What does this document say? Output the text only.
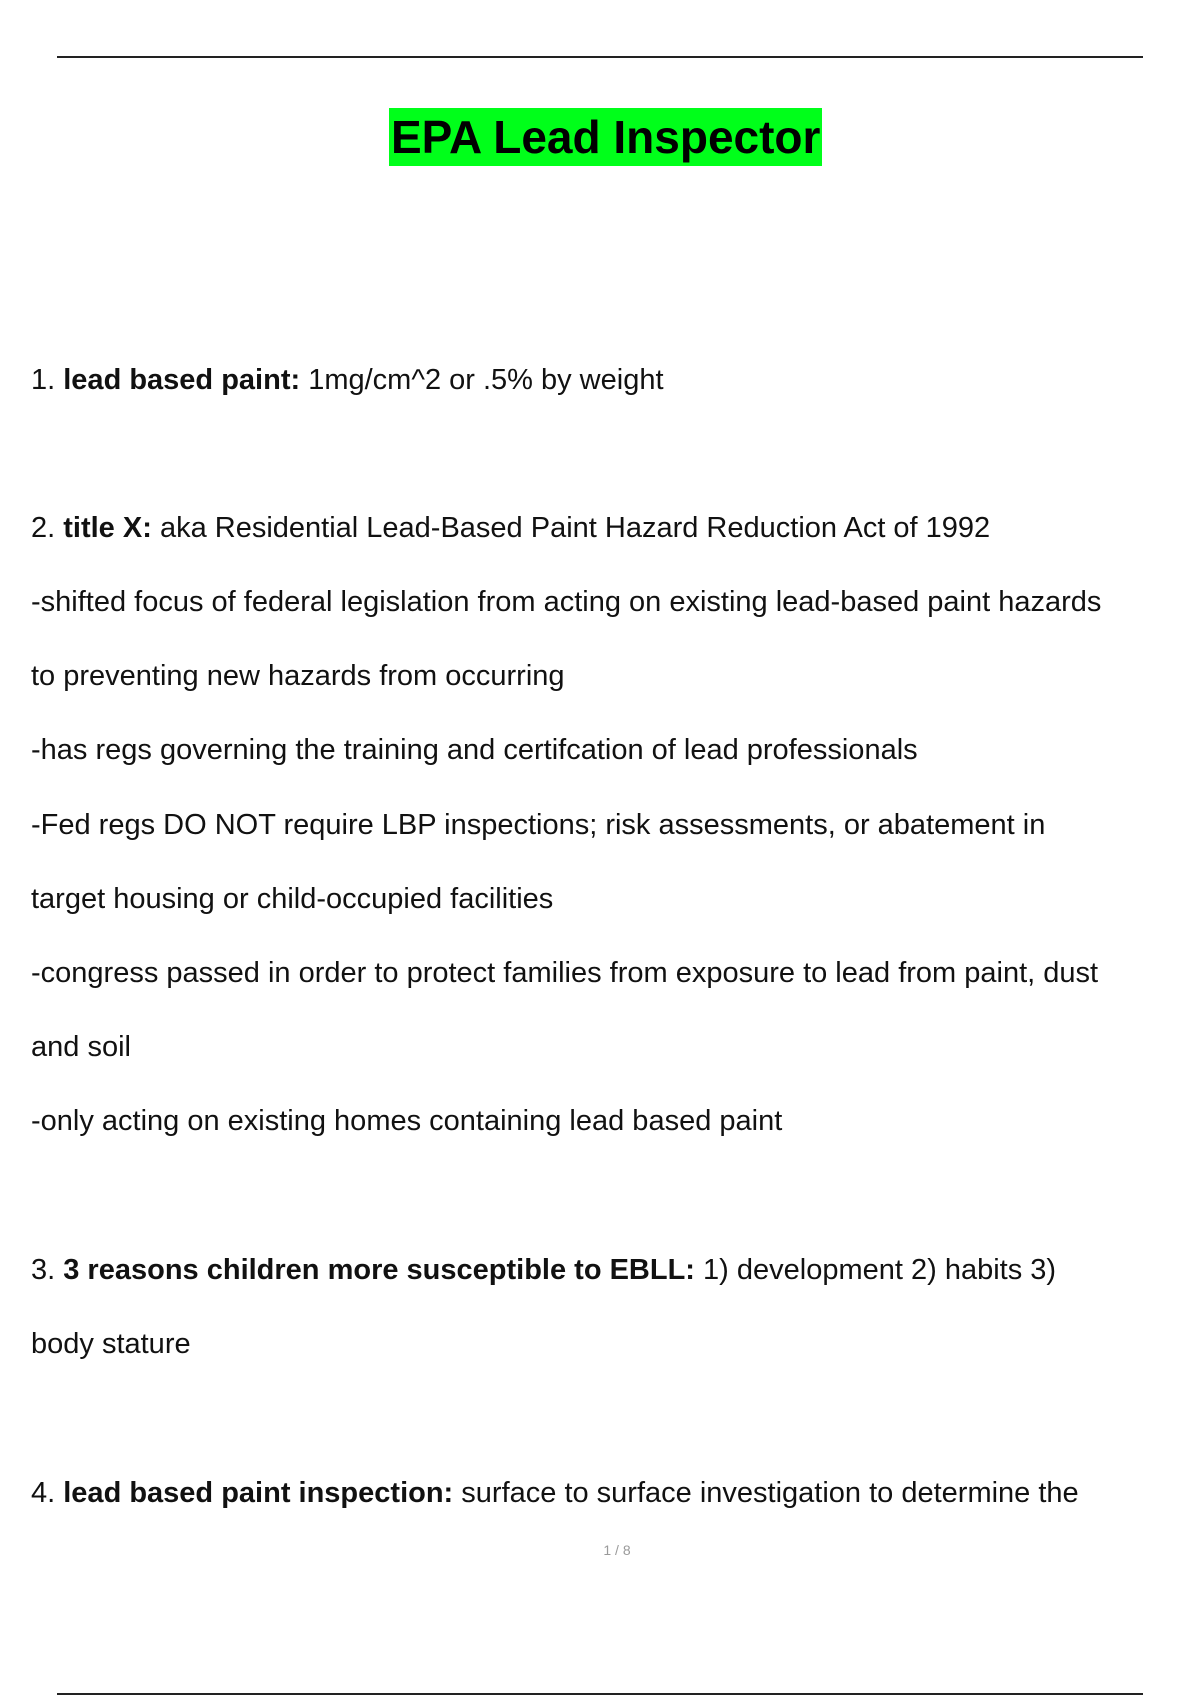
EPA Lead Inspector
1. lead based paint: 1mg/cm^2 or .5% by weight
2. title X: aka Residential Lead-Based Paint Hazard Reduction Act of 1992
-shifted focus of federal legislation from acting on existing lead-based paint hazards
to preventing new hazards from occurring
-has regs governing the training and certifcation of lead professionals
-Fed regs DO NOT require LBP inspections; risk assessments, or abatement in
target housing or child-occupied facilities
-congress passed in order to protect families from exposure to lead from paint, dust
and soil
-only acting on existing homes containing lead based paint
3. 3 reasons children more susceptible to EBLL: 1) development 2) habits 3)
body stature
4. lead based paint inspection: surface to surface investigation to determine the
1 / 8
